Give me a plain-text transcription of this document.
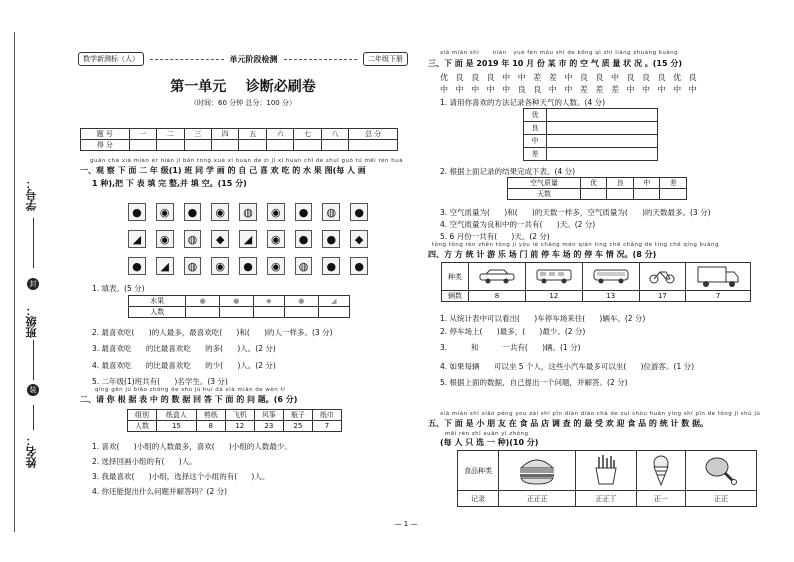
学号：
封
班级：
装
姓名：
数学新测标（人）	单元阶段检测	二年级下册
第一单元    诊断必刷卷
（时间：60 分钟 总分：100 分）
题 号	一	二	三	四	五	六	七	八	总 分
得 分									
guān chá xià miàn èr nián jí bān tóng xué xǐ huan de zì jǐ xǐ huan chī de shuǐ guǒ tú měi rén huà
一、观 察 下 面 二 年 级(1) 班 同 学 画 的 自 己 喜 欢 吃 的 水 果 图(每 人 画
1 种),把 下 表 填 完 整,并 填 空。(15 分)
●	◉	●	◉	◍	◉	●	◍	●
◢	◉	◍	◆	◢	◉	●	●	◆
●	◢	◍	◉	●	◉	◍	●	●
1. 填表。(5 分)
水果	●	●	◆	●	◢
人数					
2. 最喜欢吃(      )的人最多，最喜欢吃(      )和(      )的人一样多。(3 分)
3. 最喜欢吃      的比最喜欢吃      的多(      )人。(2 分)
4. 最喜欢吃      的比最喜欢吃      的少(      )人。(2 分)
5. 二年级(1)班共有(      )名学生。(3 分)
qǐng gēn jù biǎo zhōng de shù jù huí dá xià miàn de wèn tí
二、请 你 根 据 表 中 的 数 据 回 答 下 面 的 问 题。(6 分)
组别	纸盒人	剪纸	飞机	风筝	瓶子	纸巾
人数	15	8	12	23	25	7
1. 喜欢(      )小组的人数最多，喜欢(      )小组的人数最少。
2. 选择回画小组的有(      )人。
3. 我最喜欢(      )小组，选择这个小组的有(      )人。
4. 你还能提出什么问题并解答吗？(2 分)
— 1 —
xià miàn shì      nián   yuè fèn mǒu shì de kōng qì zhì liàng zhuàng kuàng
三、下 面 是 2019 年 10 月 份 某 市 的 空 气 质 量 状 况 。(15 分)
优 良 良 良 中 中 差 差 中 良 良 中 良 良 良 优 良
中 中 中 中 中 良 良 中 中 差 差 差 中 中 中 中 中
1. 请用你喜欢的方法记录各种天气的人数。(4 分)
优	
良	
中	
差	
2. 根据上面记录的结果完成下表。(4 分)
空气质量	优	良	中	差
天数				
3. 空气质量为(      )和(      )的天数一样多，空气质量为(      )的天数最多。(3 分)
4. 空气质量为良和中的一共有(      )天。(2 分)
5. 6 月份一共有(      )天。(2 分)
tǒng tǒng rèn zhēn tǒng jì yóu lè chǎng mén qián tíng chē chǎng de tíng chē qíng kuàng
四、方 方 统 计 游 乐 场 门 前 停 车 场 的 停 车 情 况。(8 分)
种类					
辆数	8	12	13	17	7
1. 从统计表中可以看出(      )车停车场来往(      )辆车。(2 分)
2. 停车场上(      )最多，(      )最少。(2 分)
3.          和          一共有(      )辆。(1 分)
4. 如果每辆      可以坐 5 个人，这些小汽车最多可以坐(      )位游客。(1 分)
5. 根据上面的数据，自己提出一个问题，并解答。(2 分)
xià miàn shì xiǎo péng you zài shí pǐn diàn diào chá de zuì shòu huān yíng shí pǐn de tǒng jì shù jù
五、下 面 是 小 朋 友 在 食 品 店 调 查 的 最 受 欢 迎 食 品 的 统 计 数 据。
měi rén zhǐ xuǎn yī zhǒng
(每 人 只 选 一 种)(10 分)
食品种类				
记录	正正正	正正丅	正一	正正
